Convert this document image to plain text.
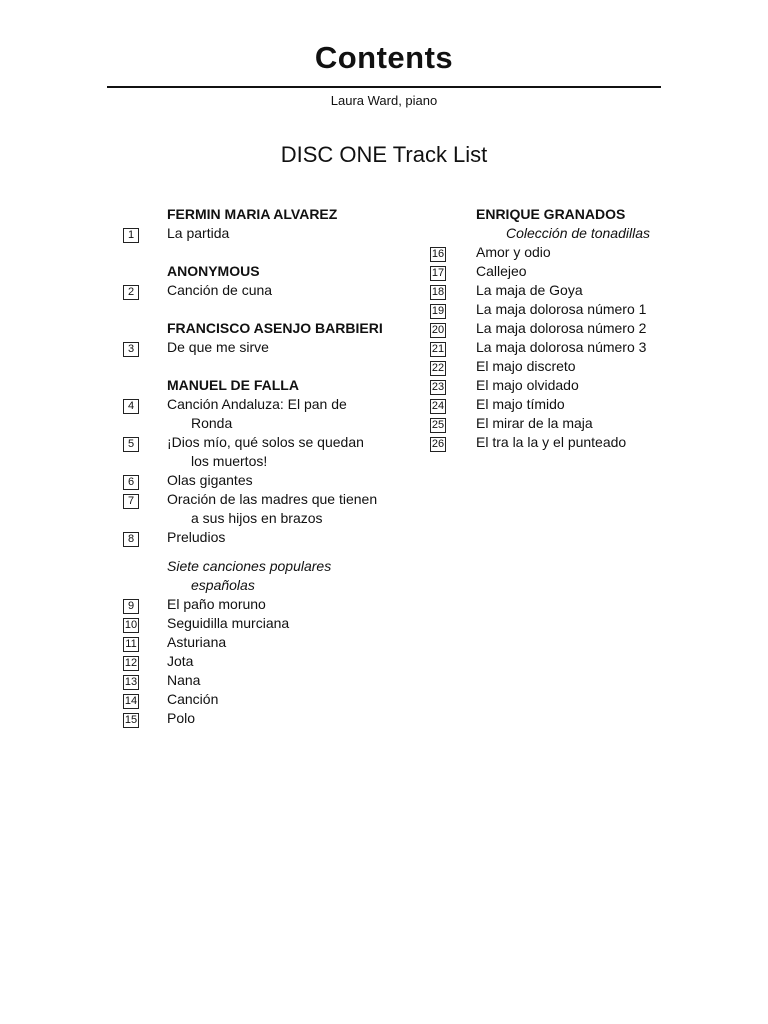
Contents
Laura Ward, piano
DISC ONE Track List
FERMIN MARIA ALVAREZ
1	La partida
ANONYMOUS
2	Canción de cuna
FRANCISCO ASENJO BARBIERI
3	De que me sirve
MANUEL DE FALLA
4	Canción Andaluza: El pan de
Ronda
5	¡Dios mío, qué solos se quedan
los muertos!
6	Olas gigantes
7	Oración de las madres que tienen
a sus hijos en brazos
8	Preludios
Siete canciones populares
españolas
9	El paño moruno
10	Seguidilla murciana
11	Asturiana
12	Jota
13	Nana
14	Canción
15	Polo
ENRIQUE GRANADOS
Colección de tonadillas
16	Amor y odio
17	Callejeo
18	La maja de Goya
19	La maja dolorosa número 1
20	La maja dolorosa número 2
21	La maja dolorosa número 3
22	El majo discreto
23	El majo olvidado
24	El majo tímido
25	El mirar de la maja
26	El tra la la y el punteado
